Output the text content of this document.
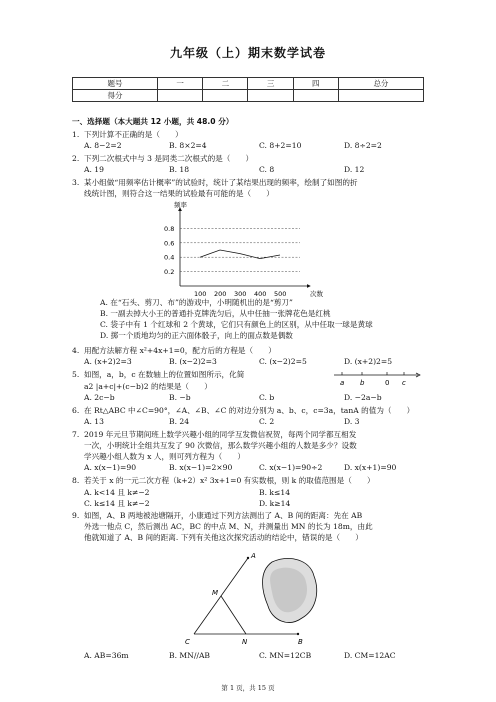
九年级（上）期末数学试卷
题号	一	二	三	四	总分
得分					
一、选择题（本大题共 12 小题，共 48.0 分）
1. 下列计算不正确的是（　　）
A. 8−2=2	B. 8×2=4	C. 8+2=10	D. 8÷2=2
2. 下列二次根式中与 3 是同类二次根式的是（　　）
A. 19	B. 18	C. 8	D. 12
3. 某小组做“用频率估计概率”的试验时，统计了某结果出现的频率，绘制了如图的折
线统计图，则符合这一结果的试验最有可能的是（　　）
0.8
0.6
0.4
0.2
100 200 300 400 500
频率
次数
A. 在“石头、剪刀、布”的游戏中，小明随机出的是“剪刀”
B. 一副去掉大小王的普通扑克牌洗匀后，从中任抽一张牌花色是红桃
C. 袋子中有 1 个红球和 2 个黄球，它们只有颜色上的区别，从中任取一球是黄球
D. 掷一个质地均匀的正六面体骰子，向上的面点数是偶数
4. 用配方法解方程 x²+4x+1=0，配方后的方程是（　　）
A. (x+2)2=3	B. (x−2)2=3	C. (x−2)2=5	D. (x+2)2=5
5. 如图，a，b，c 在数轴上的位置如图所示，化简
a b	0 c
a2 |a+c|+(c−b)2 的结果是（　　）
A. 2c−b	B. −b	C. b	D. −2a−b
6. 在 Rt△ABC 中∠C=90°，∠A、∠B、∠C 的对边分别为 a、b、c，c=3a，tanA 的值为（　　）
A. 13	B. 24	C. 2	D. 3
7. 2019 年元旦节期间班上数学兴趣小组的同学互发微信祝贺，每两个同学都互相发
一次，小明统计全组共互发了 90 次微信，那么数学兴趣小组的人数是多少？设数
学兴趣小组人数为 x 人，则可列方程为（　　）
A. x(x−1)=90	B. x(x−1)=2×90	C. x(x−1)=90÷2	D. x(x+1)=90
8. 若关于 x 的一元二次方程（k+2）x² 3x+1=0 有实数根，则 k 的取值范围是（　　）
A. k<14 且 k≠−2	B. k≤14
C. k≤14 且 k≠−2	D. k≥14
9. 如图，A、B 两地被池塘隔开，小康通过下列方法测出了 A、B 间的距离：先在 AB
外选一他点 C，然后测出 AC，BC 的中点 M、N，并测量出 MN 的长为 18m，由此
他就知道了 A、B 间的距离. 下列有关他这次探究活动的结论中，错误的是（　　）
A
M
C	N	B
A. AB=36m	B. MN//AB	C. MN=12CB	D. CM=12AC
第 1 页，共 15 页
